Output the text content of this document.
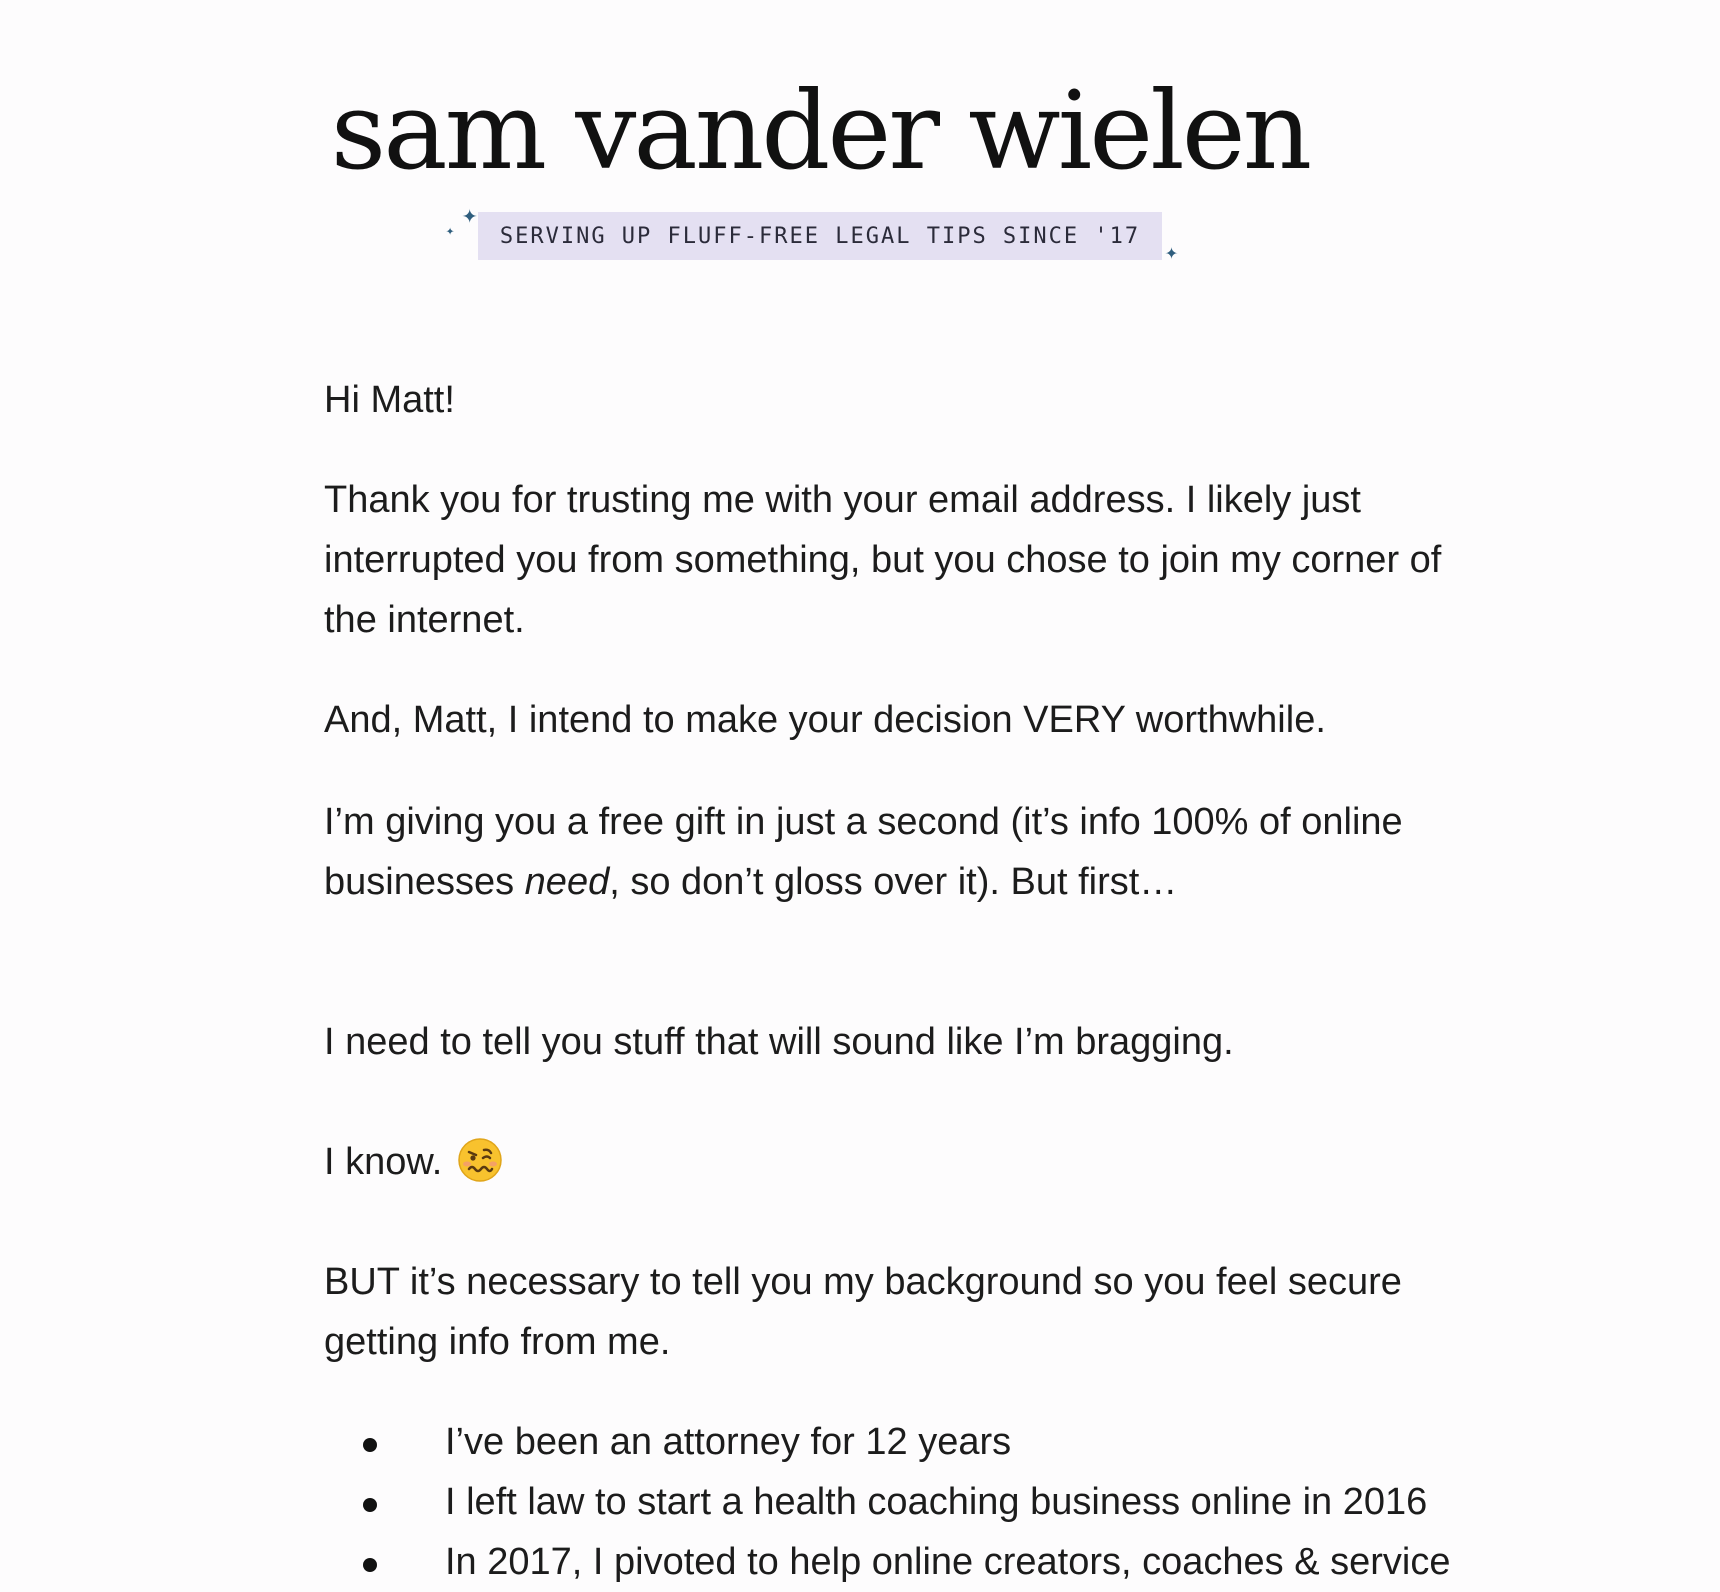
sam vander wielen
✦
✦ SERVING UP FLUFF-FREE LEGAL TIPS SINCE '17
✦

Hi Matt!

Thank you for trusting me with your email address. I likely just interrupted you from something, but you chose to join my corner of the internet.

And, Matt, I intend to make your decision VERY worthwhile.

I’m giving you a free gift in just a second (it’s info 100% of online businesses need, so don’t gloss over it). But first…

I need to tell you stuff that will sound like I’m bragging.

I know.

BUT it’s necessary to tell you my background so you feel secure getting info from me.

I’ve been an attorney for 12 years
I left law to start a health coaching business online in 2016
In 2017, I pivoted to help online creators, coaches & service
